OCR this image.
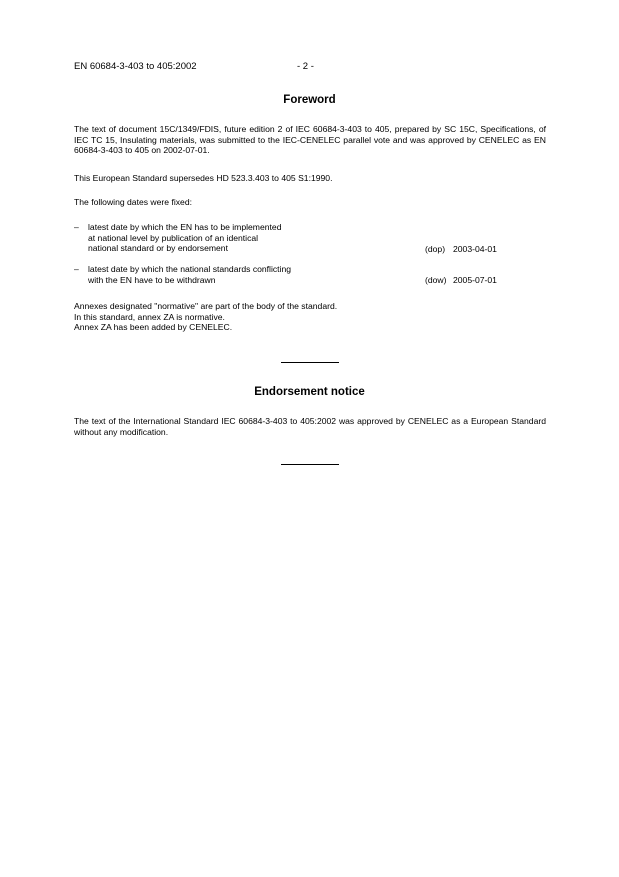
EN 60684-3-403 to 405:2002	- 2 -
Foreword
The text of document 15C/1349/FDIS, future edition 2 of IEC 60684-3-403 to 405, prepared by SC 15C, Specifications, of IEC TC 15, Insulating materials, was submitted to the IEC-CENELEC parallel vote and was approved by CENELEC as EN 60684-3-403 to 405 on 2002-07-01.
This European Standard supersedes HD 523.3.403 to 405 S1:1990.
The following dates were fixed:
– latest date by which the EN has to be implemented
at national level by publication of an identical
national standard or by endorsement	(dop) 2003-04-01
– latest date by which the national standards conflicting
with the EN have to be withdrawn	(dow) 2005-07-01
Annexes designated "normative" are part of the body of the standard.
In this standard, annex ZA is normative.
Annex ZA has been added by CENELEC.
Endorsement notice
The text of the International Standard IEC 60684-3-403 to 405:2002 was approved by CENELEC as a European Standard without any modification.
